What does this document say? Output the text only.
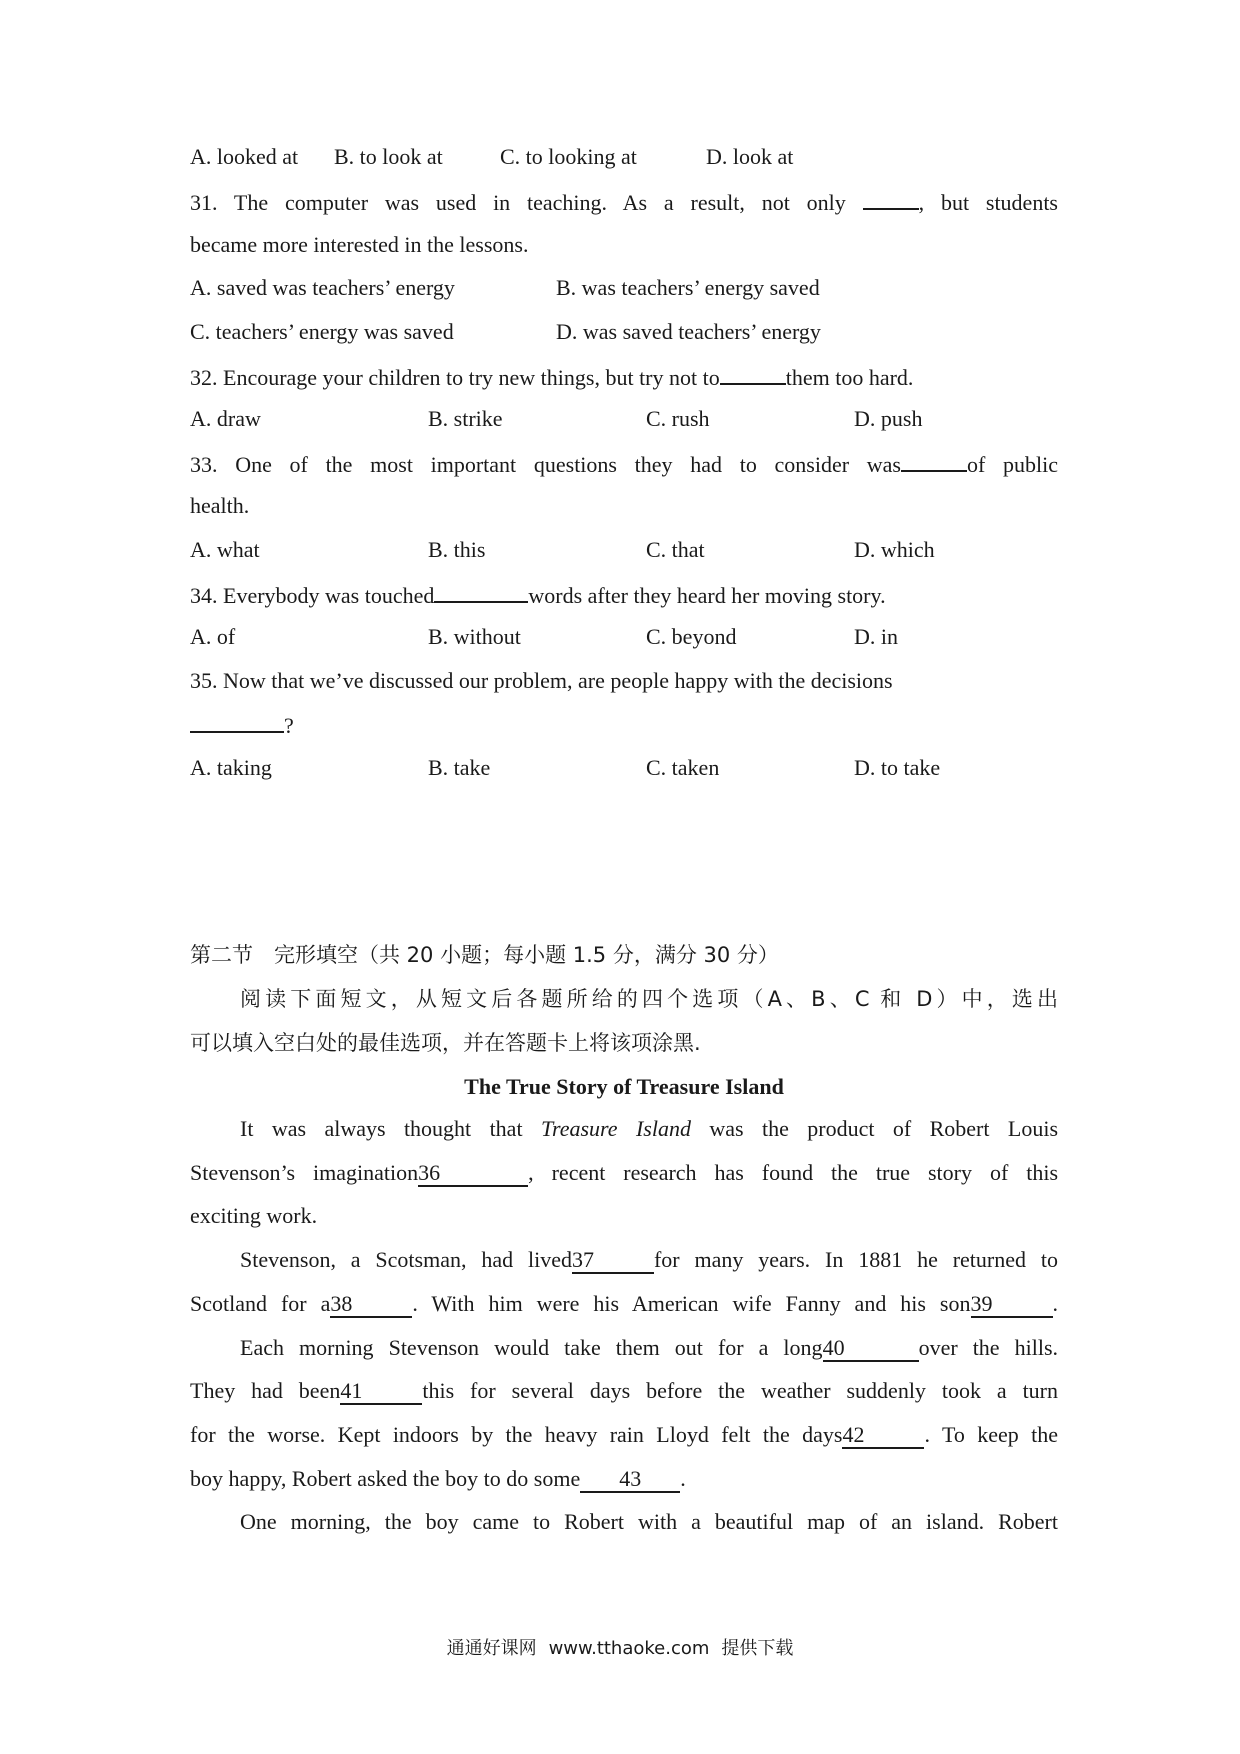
A. looked at B. to look at	C. to looking at	D. look at
31. The computer was used in teaching. As a result, not only	, but students
became more interested in the lessons.
A. saved was teachers’ energy	B. was teachers’ energy saved
C. teachers’ energy was saved	D. was saved teachers’ energy
32. Encourage your children to try new things, but try not to	them too hard.
A. draw	B. strike	C. rush	D. push
33. One of the most important questions they had to consider was	of public
health.
A. what	B. this	C. that	D. which
34. Everybody was touched	words after they heard her moving story.
A. of	B. without	C. beyond	D. in
35. Now that we’ve discussed our problem, are people happy with the decisions
?
A. taking	B. take	C. taken	D. to take
第二节　完形填空（共 20 小题；每小题 1.5 分，满分 30 分）
阅读下面短文，从短文后各题所给的四个选项（A、B、C 和 D）中，选出
可以填入空白处的最佳选项，并在答题卡上将该项涂黑.
The True Story of Treasure Island
It was always thought that Treasure Island was the product of Robert Louis
Stevenson’s imagination36	, recent research has found the true story of this
exciting work.
Stevenson, a Scotsman, had lived37	for many years. In 1881 he returned to
Scotland for a38	. With him were his American wife Fanny and his son39	.
Each morning Stevenson would take them out for a long40	over the hills.
They had been41	this for several days before the weather suddenly took a turn
for the worse. Kept indoors by the heavy rain Lloyd felt the days42	. To keep the
boy happy, Robert asked the boy to do some 43 .
One morning, the boy came to Robert with a beautiful map of an island. Robert
通通好课网 www.tthaoke.com 提供下载
